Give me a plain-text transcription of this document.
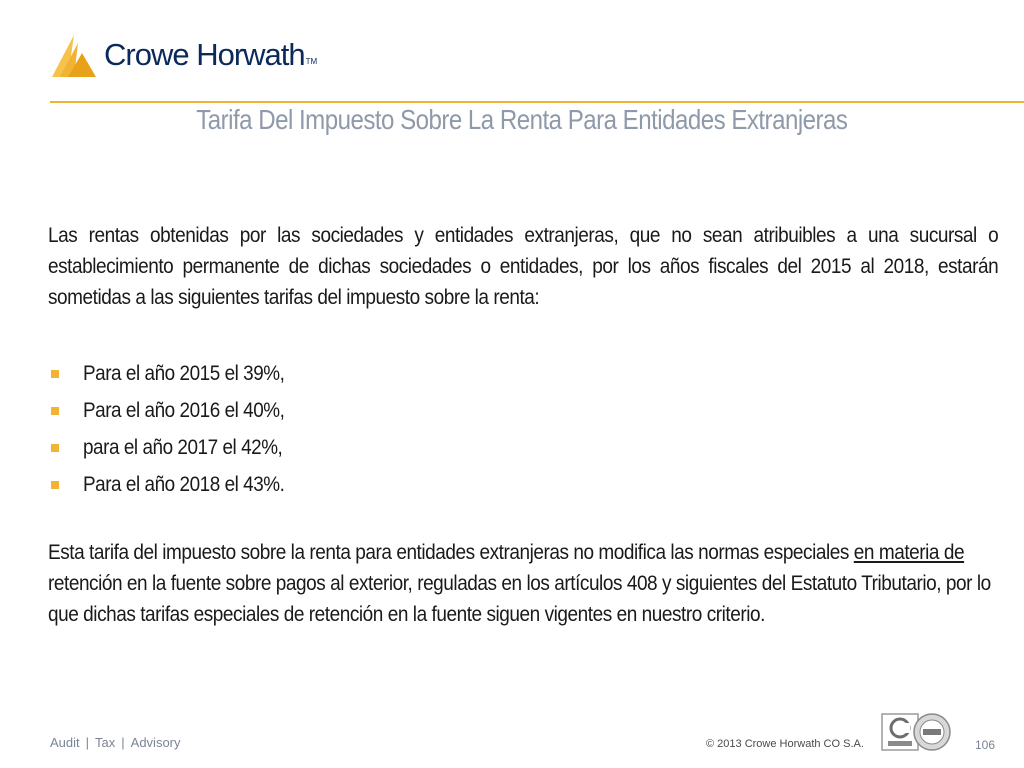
Crowe Horwath TM
Tarifa Del Impuesto Sobre La Renta Para Entidades Extranjeras
Las rentas obtenidas por las sociedades y entidades extranjeras, que no sean atribuibles a una sucursal o establecimiento permanente de dichas sociedades o entidades, por los años fiscales del 2015 al 2018, estarán sometidas a las siguientes tarifas del impuesto sobre la renta:
Para el año 2015 el 39%,
Para el año 2016 el 40%,
para el año 2017 el 42%,
Para el año 2018 el 43%.
Esta tarifa del impuesto sobre la renta para entidades extranjeras no modifica las normas especiales en materia de retención en la fuente sobre pagos al exterior, reguladas en los artículos 408 y siguientes del Estatuto Tributario, por lo que dichas tarifas especiales de retención en la fuente siguen vigentes en nuestro criterio.
Audit | Tax | Advisory	© 2013 Crowe Horwath CO S.A.	106
